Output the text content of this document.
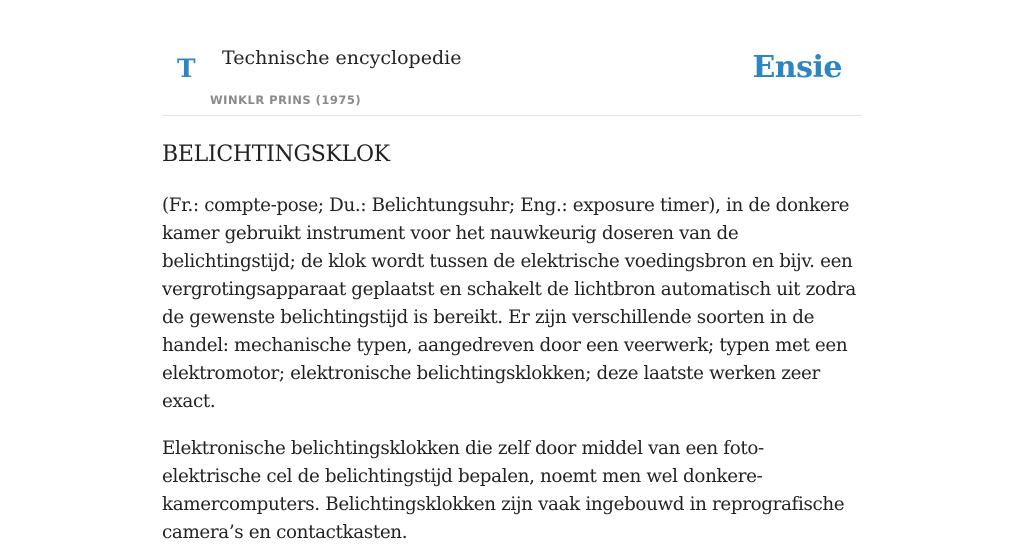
T Technische encyclopedie
WINKLR PRINS (1975)
Ensie
BELICHTINGSKLOK

(Fr.: compte-pose; Du.: Belichtungsuhr; Eng.: exposure timer), in de donkere kamer gebruikt instrument voor het nauwkeurig doseren van de belichtingstijd; de klok wordt tussen de elektrische voedingsbron en bijv. een vergrotingsapparaat geplaatst en schakelt de lichtbron automatisch uit zodra de gewenste belichtingstijd is bereikt. Er zijn verschillende soorten in de handel: mechanische typen, aangedreven door een veerwerk; typen met een elektromotor; elektronische belichtingsklokken; deze laatste werken zeer exact.

Elektronische belichtingsklokken die zelf door middel van een foto-elektrische cel de belichtingstijd bepalen, noemt men wel donkere-kamercomputers. Belichtingsklokken zijn vaak ingebouwd in reprografische camera’s en contactkasten.
